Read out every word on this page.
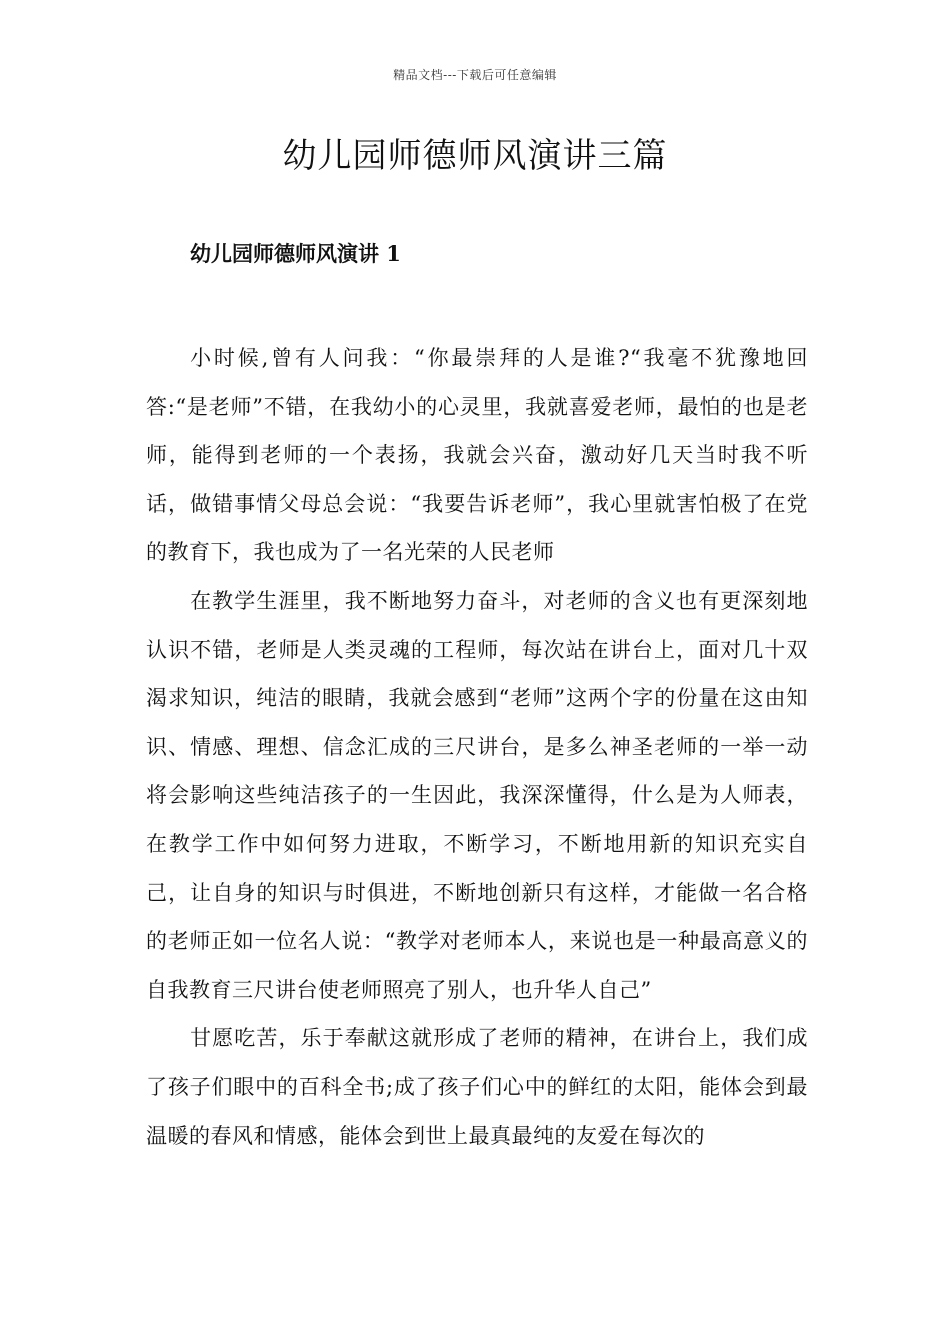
精品文档---下载后可任意编辑
幼儿园师德师风演讲三篇
幼儿园师德师风演讲 1

小时候,曾有人问我：“你最崇拜的人是谁?“我毫不犹豫地回答:“是老师”不错，在我幼小的心灵里，我就喜爱老师，最怕的也是老师，能得到老师的一个表扬，我就会兴奋，激动好几天当时我不听话，做错事情父母总会说：“我要告诉老师”，我心里就害怕极了在党的教育下，我也成为了一名光荣的人民老师

在教学生涯里，我不断地努力奋斗，对老师的含义也有更深刻地认识不错，老师是人类灵魂的工程师，每次站在讲台上，面对几十双渴求知识，纯洁的眼睛，我就会感到“老师”这两个字的份量在这由知识、情感、理想、信念汇成的三尺讲台，是多么神圣老师的一举一动将会影响这些纯洁孩子的一生因此，我深深懂得，什么是为人师表，在教学工作中如何努力进取，不断学习，不断地用新的知识充实自己，让自身的知识与时俱进，不断地创新只有这样，才能做一名合格的老师正如一位名人说：“教学对老师本人，来说也是一种最高意义的自我教育三尺讲台使老师照亮了别人，也升华人自己”

甘愿吃苦，乐于奉献这就形成了老师的精神，在讲台上，我们成了孩子们眼中的百科全书;成了孩子们心中的鲜红的太阳，能体会到最温暖的春风和情感，能体会到世上最真最纯的友爱在每次的
